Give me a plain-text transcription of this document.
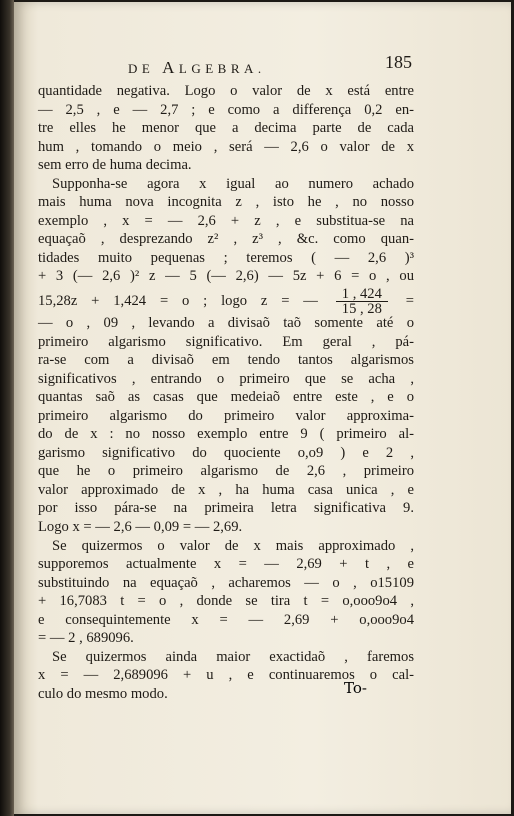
DE ALGEBRA.	185
quantidade negativa. Logo o valor de x está entre
— 2,5 , e — 2,7 ; e como a differença 0,2 en-
tre elles he menor que a decima parte de cada
hum , tomando o meio , será — 2,6 o valor de x
sem erro de huma decima.
Supponha-se agora x igual ao numero achado
mais huma nova incognita z , isto he , no nosso
exemplo , x = — 2,6 + z , e substitua-se na
equaçaõ , desprezando z² , z³ , &c. como quan-
tidades muito pequenas ; teremos ( — 2,6 )³
+ 3 (— 2,6 )² z — 5 (— 2,6) — 5z + 6 = o , ou
15,28z + 1,424 = o ; logo z = — $\frac{1 , 424}{15 , 28}$ =
— o , 09 , levando a divisaõ taõ somente até o
primeiro algarismo significativo. Em geral , pá-
ra-se com a divisaõ em tendo tantos algarismos
significativos , entrando o primeiro que se acha ,
quantas saõ as casas que medeiaõ entre este , e o
primeiro algarismo do primeiro valor approxima-
do de x : no nosso exemplo entre 9 ( primeiro al-
garismo significativo do quociente o,o9 ) e 2 ,
que he o primeiro algarismo de 2,6 , primeiro
valor approximado de x , ha huma casa unica , e
por isso pára-se na primeira letra significativa 9.
Logo x = — 2,6 — 0,09 = — 2,69.
Se quizermos o valor de x mais approximado ,
supporemos actualmente x = — 2,69 + t , e
substituindo na equaçaõ , acharemos — o , o15109
+ 16,7083 t = o , donde se tira t = o,ooo9o4 ,
e consequintemente x = — 2,69 + o,ooo9o4
= — 2 , 689096.
Se quizermos ainda maior exactidaõ , faremos
x = — 2,689096 + u , e continuaremos o cal-
culo do mesmo modo.	To-
